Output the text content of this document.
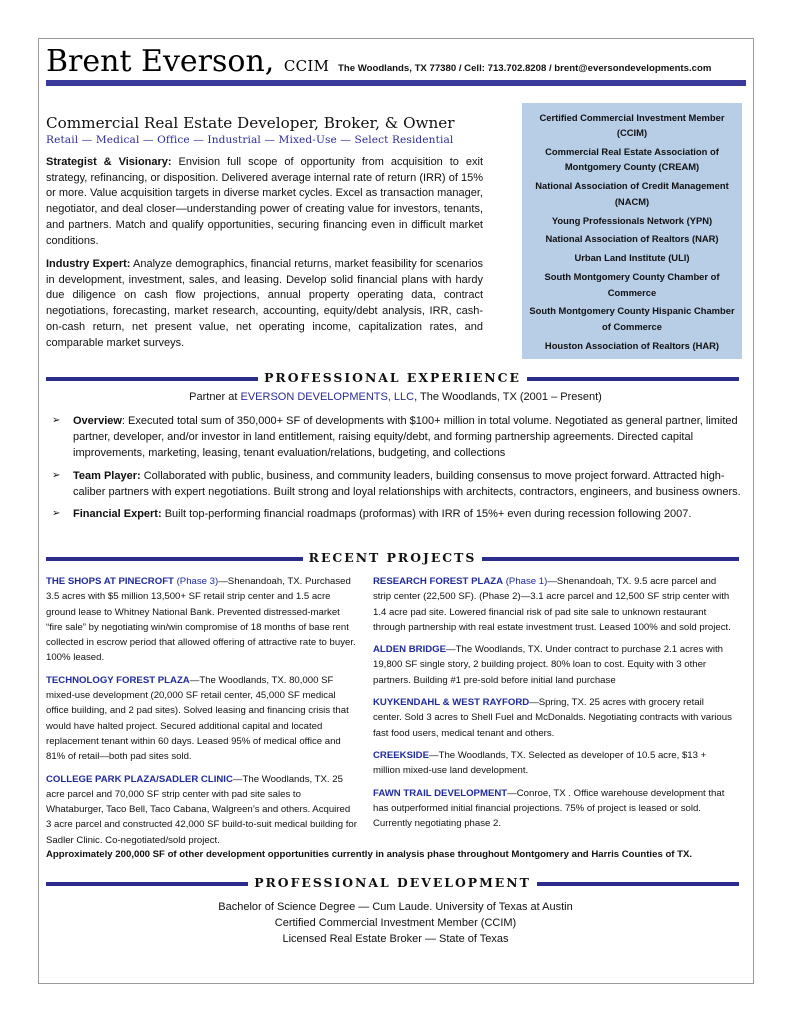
Brent Everson, CCIM The Woodlands, TX 77380 / Cell: 713.702.8208 / brent@eversondevelopments.com
Commercial Real Estate Developer, Broker, & Owner
Retail — Medical — Office — Industrial — Mixed-Use — Select Residential
Strategist & Visionary: Envision full scope of opportunity from acquisition to exit strategy, refinancing, or disposition. Delivered average internal rate of return (IRR) of 15% or more. Value acquisition targets in diverse market cycles. Excel as transaction manager, negotiator, and deal closer—understanding power of creating value for investors, tenants, and partners. Match and qualify opportunities, securing financing even in difficult market conditions.
Industry Expert: Analyze demographics, financial returns, market feasibility for scenarios in development, investment, sales, and leasing. Develop solid financial plans with hardy due diligence on cash flow projections, annual property operating data, contract negotiations, forecasting, market research, accounting, equity/debt analysis, IRR, cash-on-cash return, net present value, net operating income, capitalization rates, and comparable market surveys.
Certified Commercial Investment Member (CCIM)
Commercial Real Estate Association of Montgomery County (CREAM)
National Association of Credit Management (NACM)
Young Professionals Network (YPN)
National Association of Realtors (NAR)
Urban Land Institute (ULI)
South Montgomery County Chamber of Commerce
South Montgomery County Hispanic Chamber of Commerce
Houston Association of Realtors (HAR)
PROFESSIONAL EXPERIENCE
Partner at EVERSON DEVELOPMENTS, LLC, The Woodlands, TX (2001 – Present)
➢ Overview: Executed total sum of 350,000+ SF of developments with $100+ million in total volume. Negotiated as general partner, limited partner, developer, and/or investor in land entitlement, raising equity/debt, and forming partnership agreements. Directed capital improvements, marketing, leasing, tenant evaluation/relations, budgeting, and collections
➢ Team Player: Collaborated with public, business, and community leaders, building consensus to move project forward. Attracted high-caliber partners with expert negotiations. Built strong and loyal relationships with architects, contractors, engineers, and business owners.
➢ Financial Expert: Built top-performing financial roadmaps (proformas) with IRR of 15%+ even during recession following 2007.
RECENT PROJECTS
THE SHOPS AT PINECROFT (Phase 3)—Shenandoah, TX. Purchased 3.5 acres with $5 million 13,500+ SF retail strip center and 1.5 acre ground lease to Whitney National Bank. Prevented distressed-market “fire sale” by negotiating win/win compromise of 18 months of base rent collected in escrow period that allowed offering of attractive rate to buyer. 100% leased.
TECHNOLOGY FOREST PLAZA—The Woodlands, TX. 80,000 SF mixed-use development (20,000 SF retail center, 45,000 SF medical office building, and 2 pad sites). Solved leasing and financing crisis that would have halted project. Secured additional capital and located replacement tenant within 60 days. Leased 95% of medical office and 81% of retail—both pad sites sold.
COLLEGE PARK PLAZA/SADLER CLINIC—The Woodlands, TX. 25 acre parcel and 70,000 SF strip center with pad site sales to Whataburger, Taco Bell, Taco Cabana, Walgreen’s and others. Acquired 3 acre parcel and constructed 42,000 SF build-to-suit medical building for Sadler Clinic. Co-negotiated/sold project.
RESEARCH FOREST PLAZA (Phase 1)—Shenandoah, TX. 9.5 acre parcel and strip center (22,500 SF). (Phase 2)—3.1 acre parcel and 12,500 SF strip center with 1.4 acre pad site. Lowered financial risk of pad site sale to unknown restaurant through partnership with real estate investment trust. Leased 100% and sold project.
ALDEN BRIDGE—The Woodlands, TX. Under contract to purchase 2.1 acres with 19,800 SF single story, 2 building project. 80% loan to cost. Equity with 3 other partners. Building #1 pre-sold before initial land purchase
KUYKENDAHL & WEST RAYFORD—Spring, TX. 25 acres with grocery retail center. Sold 3 acres to Shell Fuel and McDonalds. Negotiating contracts with various fast food users, medical tenant and others.
CREEKSIDE—The Woodlands, TX. Selected as developer of 10.5 acre, $13 + million mixed-use land development.
FAWN TRAIL DEVELOPMENT—Conroe, TX . Office warehouse development that has outperformed initial financial projections. 75% of project is leased or sold. Currently negotiating phase 2.
Approximately 200,000 SF of other development opportunities currently in analysis phase throughout Montgomery and Harris Counties of TX.
PROFESSIONAL DEVELOPMENT
Bachelor of Science Degree — Cum Laude. University of Texas at Austin
Certified Commercial Investment Member (CCIM)
Licensed Real Estate Broker — State of Texas
